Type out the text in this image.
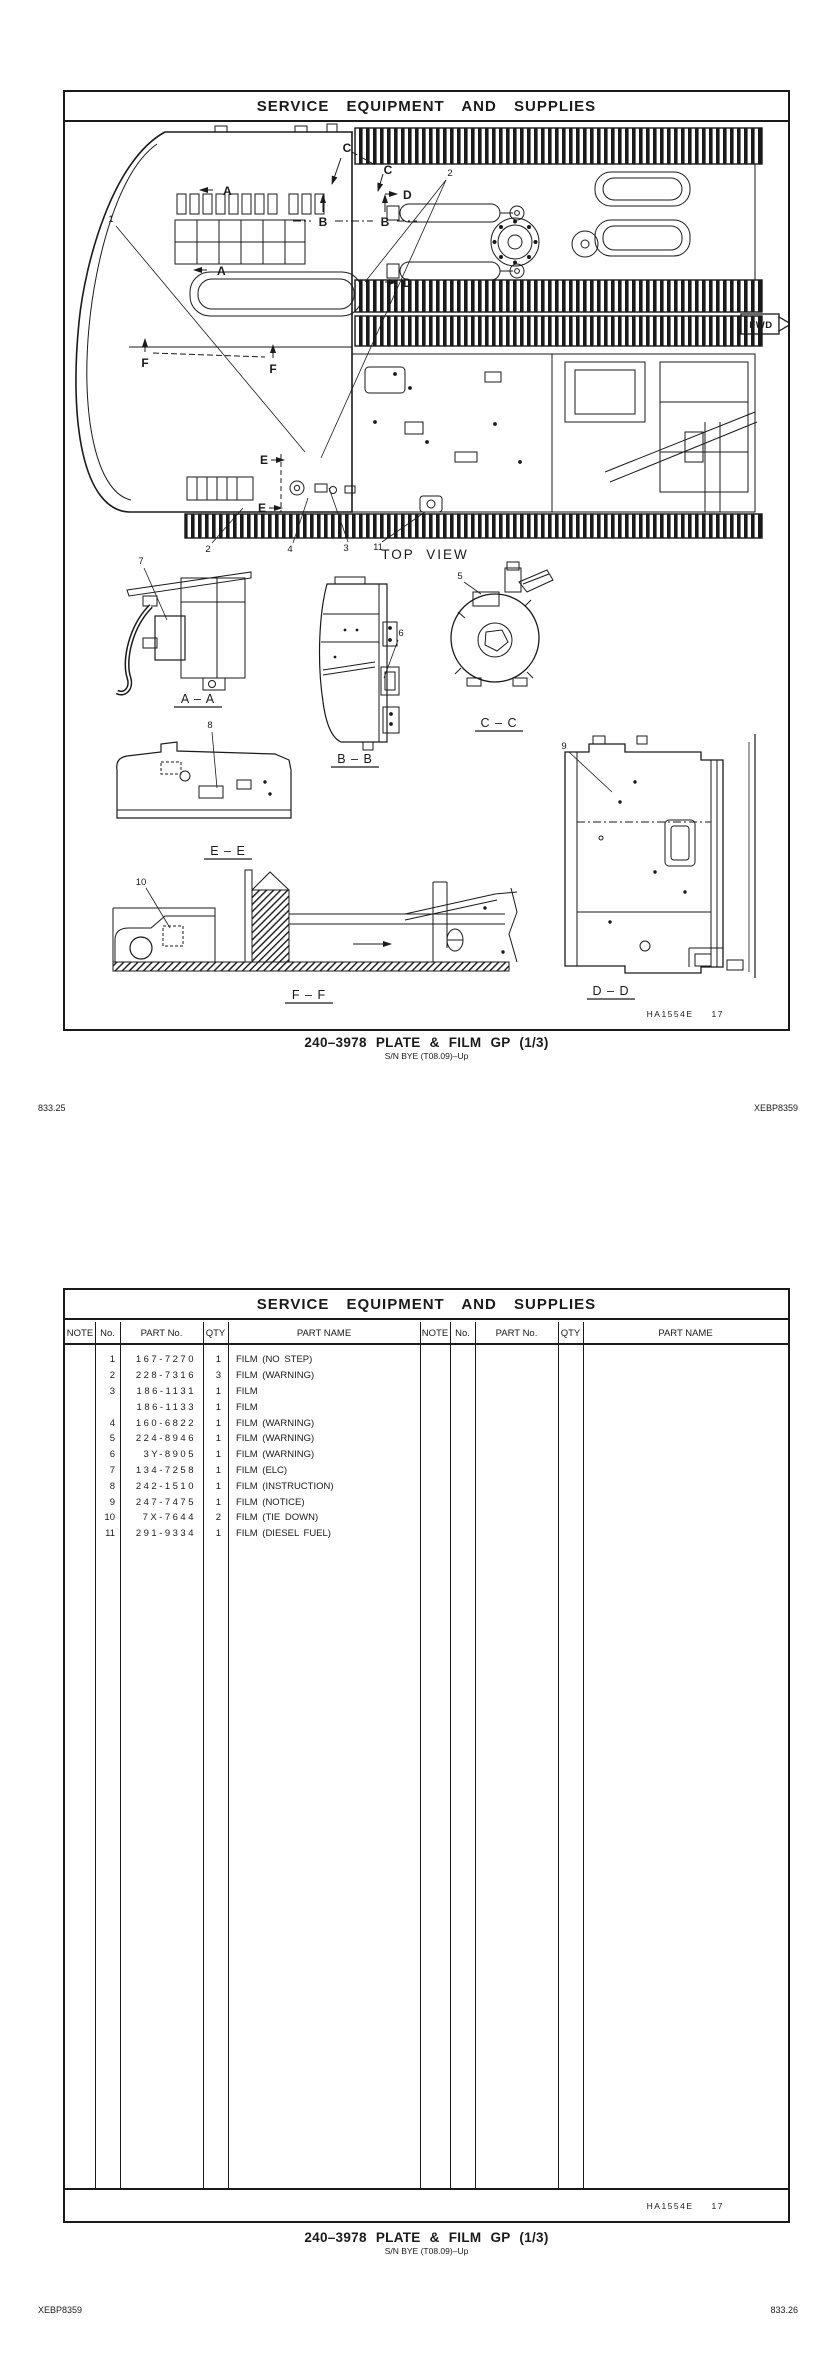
SERVICE EQUIPMENT AND SUPPLIES
C
C
A
A
B	B
D
D
E
E
F	F
1
2
2	4	3	11
FWD
TOP VIEW
7
A – A
6
B – B
5
C – C
8
E – E
10
F – F
9
D – D
HA1554E 17
240–3978 PLATE & FILM GP (1/3)
S/N BYE (T08.09)–Up
833.25	XEBP8359
SERVICE EQUIPMENT AND SUPPLIES
NOTE No.	PART No.	QTY	PART NAME	NOTE No.	PART No.	QTY	PART NAME
1	167-7270	1	FILM (NO STEP)
2	228-7316	3	FILM (WARNING)
3	186-1131	1	FILM
186-1133	1	FILM
4	160-6822	1	FILM (WARNING)
5	224-8946	1	FILM (WARNING)
6	3Y-8905	1	FILM (WARNING)
7	134-7258	1	FILM (ELC)
8	242-1510	1	FILM (INSTRUCTION)
9	247-7475	1	FILM (NOTICE)
10	7X-7644	2	FILM (TIE DOWN)
11	291-9334	1	FILM (DIESEL FUEL)
HA1554E 17
240–3978 PLATE & FILM GP (1/3)
S/N BYE (T08.09)–Up
XEBP8359	833.26
